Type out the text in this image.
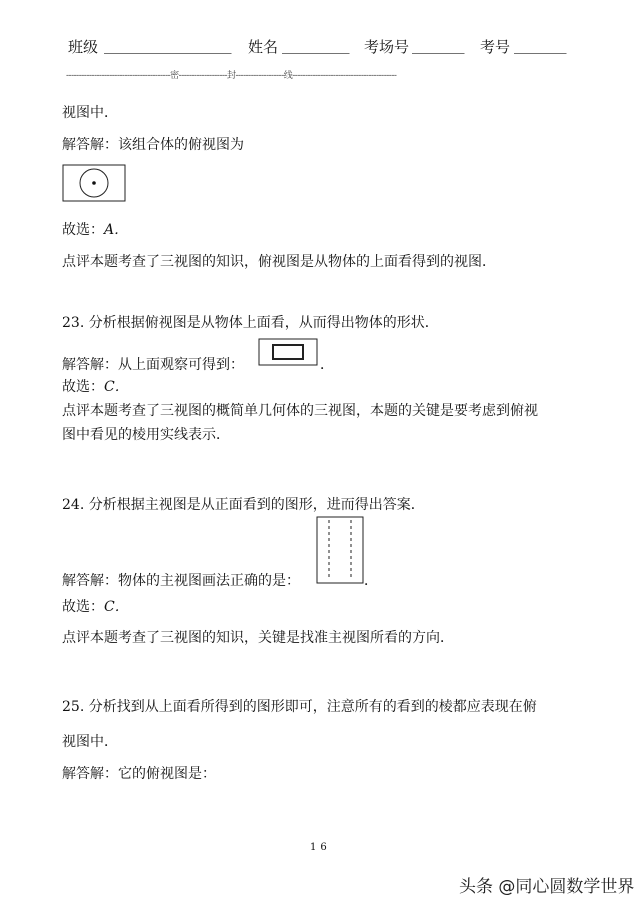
班级 _________________ 姓名 _________ 考场号 _______ 考号 _______
-----------------------------------------密-------------------封-------------------线-----------------------------------------
视图中．
解答解：该组合体的俯视图为
故选：A．
点评本题考查了三视图的知识，俯视图是从物体的上面看得到的视图．
23. 分析根据俯视图是从物体上面看，从而得出物体的形状．
解答解：从上面观察可得到：	．
故选：C．
点评本题考查了三视图的概简单几何体的三视图，本题的关键是要考虑到俯视
图中看见的棱用实线表示．
24. 分析根据主视图是从正面看到的图形，进而得出答案．
解答解：物体的主视图画法正确的是：	．
故选：C．
点评本题考查了三视图的知识，关键是找准主视图所看的方向．
25. 分析找到从上面看所得到的图形即可，注意所有的看到的棱都应表现在俯
视图中．
解答解：它的俯视图是：
16
头条 @同心圆数学世界
